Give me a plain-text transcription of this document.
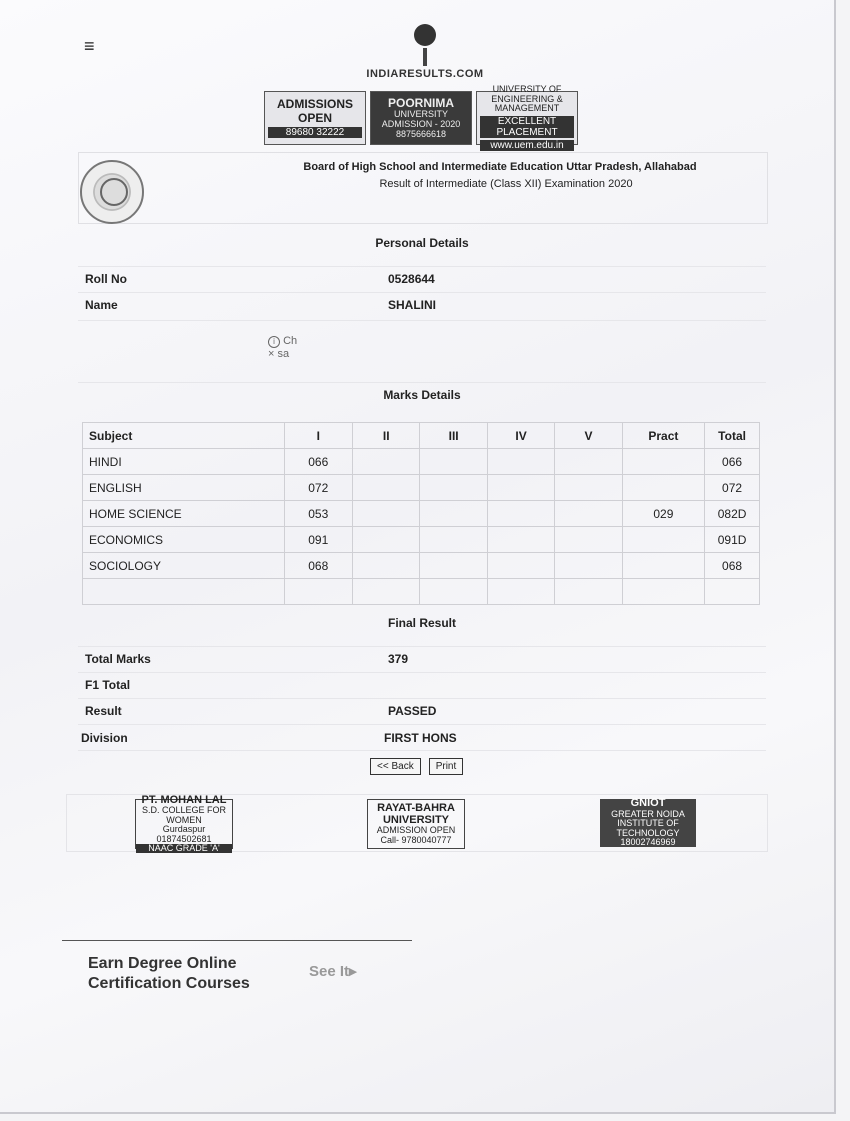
≡
INDIARESULTS.COM
ADMISSIONS
OPEN
89680 32222
POORNIMA
UNIVERSITY
ADMISSION - 2020
8875666618
UNIVERSITY OF
ENGINEERING &
MANAGEMENT
EXCELLENT PLACEMENT
www.uem.edu.in
Board of High School and Intermediate Education Uttar Pradesh, Allahabad
Result of Intermediate (Class XII) Examination 2020
Personal Details
Roll No	0528644
Name	SHALINI
i Ch
× sa
Marks Details
Subject	I	II	III	IV	V	Pract	Total
HINDI	066						066
ENGLISH	072						072
HOME SCIENCE	053					029	082D
ECONOMICS	091						091D
SOCIOLOGY	068						068

Final Result
Total Marks	379
F1 Total
Result	PASSED
Division	FIRST HONS
<< Back	Print
PT. MOHAN LAL
S.D. COLLEGE FOR WOMEN
Gurdaspur 01874502681
NAAC GRADE 'A'
RAYAT-BAHRA
UNIVERSITY
ADMISSION OPEN
Call- 9780040777
GNIOT
GREATER NOIDA
INSTITUTE OF TECHNOLOGY
18002746969
Earn Degree Online
Certification Courses
See It▸
